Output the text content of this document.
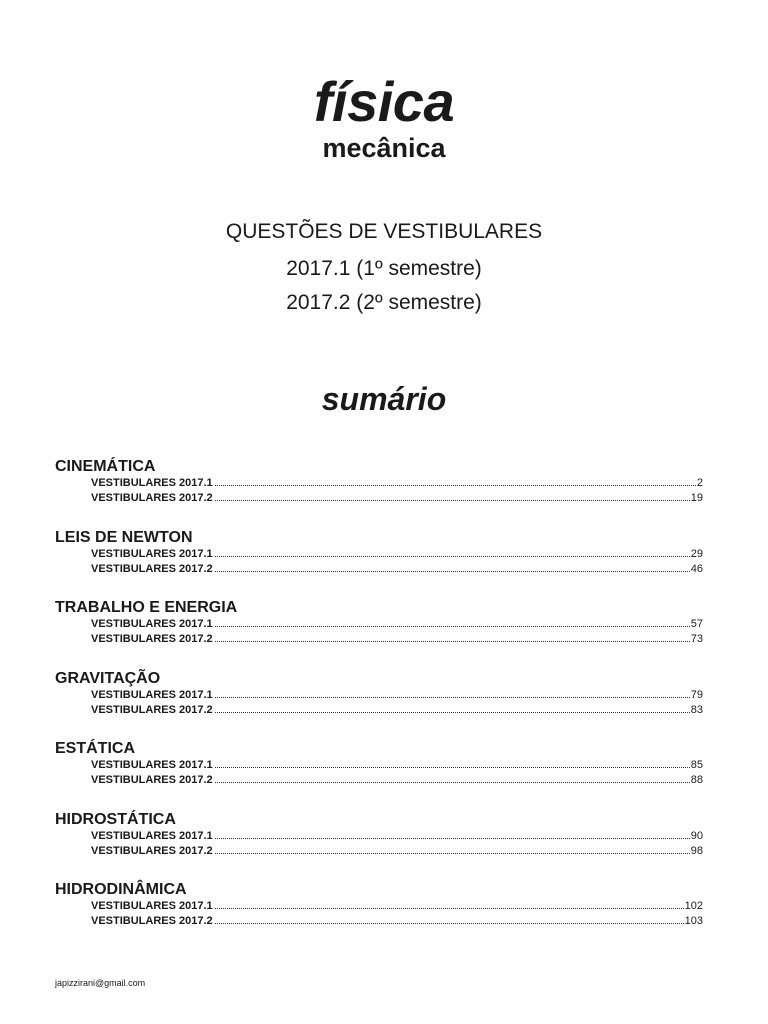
física
mecânica
QUESTÕES DE VESTIBULARES
2017.1 (1º semestre)
2017.2 (2º semestre)
sumário
CINEMÁTICA
VESTIBULARES 2017.1	2
VESTIBULARES 2017.2	19
LEIS DE NEWTON
VESTIBULARES 2017.1	29
VESTIBULARES 2017.2	46
TRABALHO E ENERGIA
VESTIBULARES 2017.1	57
VESTIBULARES 2017.2	73
GRAVITAÇÃO
VESTIBULARES 2017.1	79
VESTIBULARES 2017.2	83
ESTÁTICA
VESTIBULARES 2017.1	85
VESTIBULARES 2017.2	88
HIDROSTÁTICA
VESTIBULARES 2017.1	90
VESTIBULARES 2017.2	98
HIDRODINÂMICA
VESTIBULARES 2017.1	102
VESTIBULARES 2017.2	103
japizzirani@gmail.com
